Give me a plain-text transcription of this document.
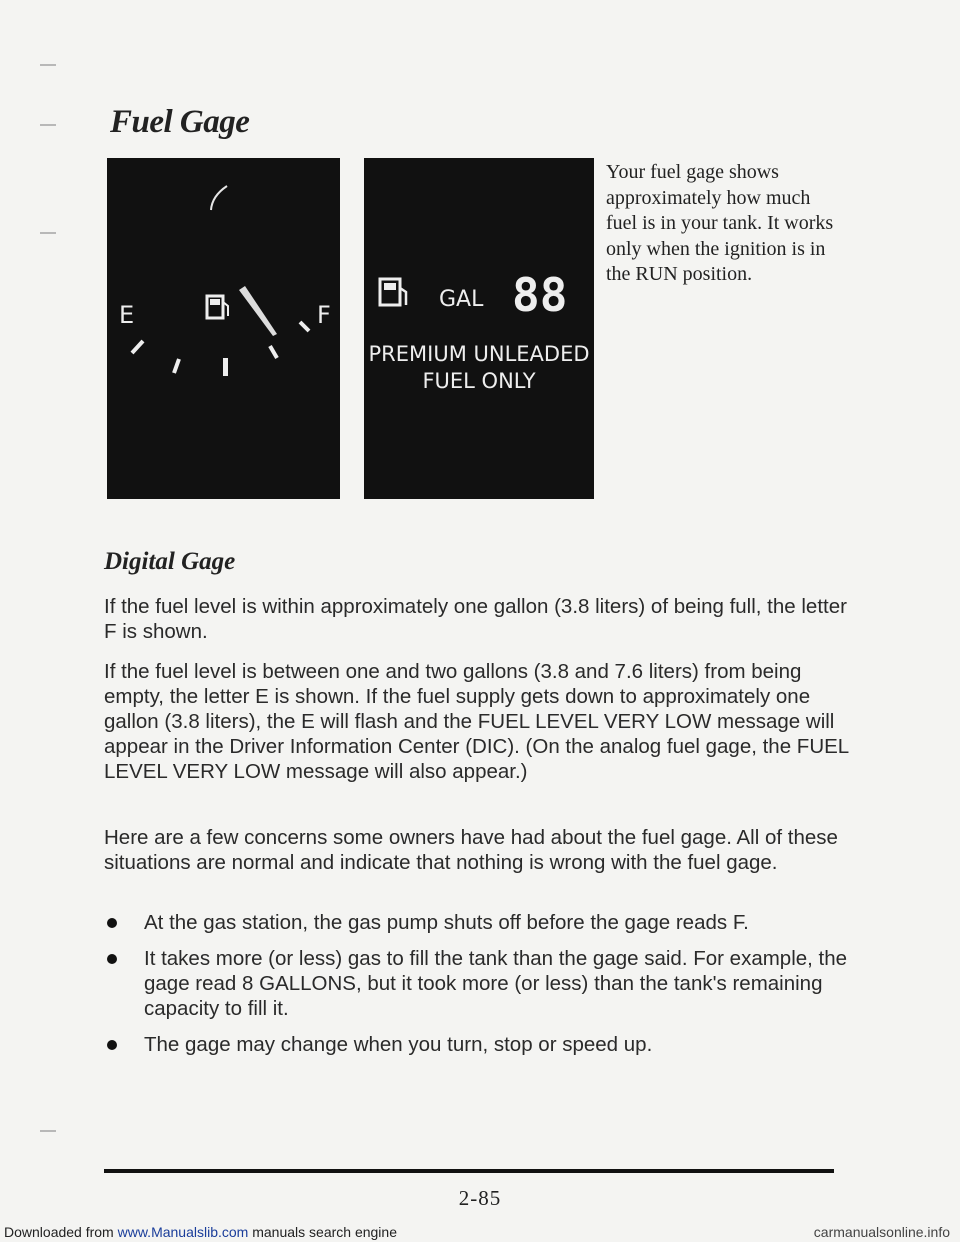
Fuel Gage
E	F
GAL 88
PREMIUM UNLEADED
FUEL ONLY

Your fuel gage shows approximately how much fuel is in your tank. It works only when the ignition is in the RUN position.

Digital Gage

If the fuel level is within approximately one gallon (3.8 liters) of being full, the letter F is shown.

If the fuel level is between one and two gallons (3.8 and 7.6 liters) from being empty, the letter E is shown. If the fuel supply gets down to approximately one gallon (3.8 liters), the E will flash and the FUEL LEVEL VERY LOW message will appear in the Driver Information Center (DIC). (On the analog fuel gage, the FUEL LEVEL VERY LOW message will also appear.)

Here are a few concerns some owners have had about the fuel gage. All of these situations are normal and indicate that nothing is wrong with the fuel gage.

At the gas station, the gas pump shuts off before the gage reads F.
It takes more (or less) gas to fill the tank than the gage said. For example, the gage read 8 GALLONS, but it took more (or less) than the tank's remaining capacity to fill it.
The gage may change when you turn, stop or speed up.
2-85
Downloaded from www.Manualslib.com manuals search engine	carmanualsonline.info
